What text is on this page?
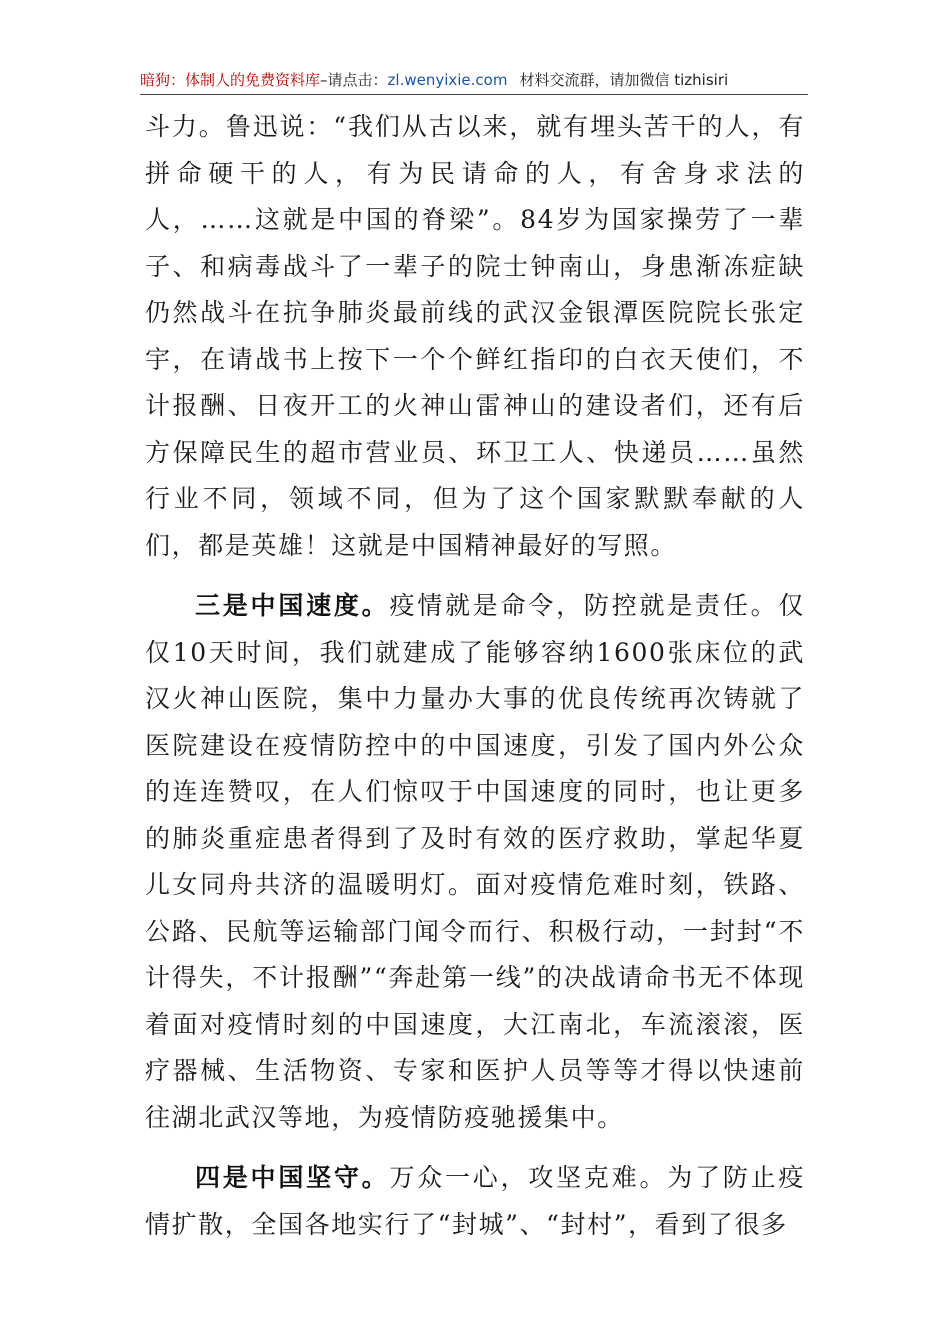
暗狗：体制人的免费资料库–请点击：zl.wenyixie.com 材料交流群，请加微信 tizhisiri

斗力。鲁迅说：“我们从古以来，就有埋头苦干的人，有拼命硬干的人，有为民请命的人，有舍身求法的人，……这就是中国的脊梁”。84岁为国家操劳了一辈子、和病毒战斗了一辈子的院士钟南山，身患渐冻症缺仍然战斗在抗争肺炎最前线的武汉金银潭医院院长张定宇，在请战书上按下一个个鲜红指印的白衣天使们，不计报酬、日夜开工的火神山雷神山的建设者们，还有后方保障民生的超市营业员、环卫工人、快递员……虽然行业不同，领域不同，但为了这个国家默默奉献的人们，都是英雄！这就是中国精神最好的写照。

三是中国速度。疫情就是命令，防控就是责任。仅仅10天时间，我们就建成了能够容纳1600张床位的武汉火神山医院，集中力量办大事的优良传统再次铸就了医院建设在疫情防控中的中国速度，引发了国内外公众的连连赞叹，在人们惊叹于中国速度的同时，也让更多的肺炎重症患者得到了及时有效的医疗救助，掌起华夏儿女同舟共济的温暖明灯。面对疫情危难时刻，铁路、公路、民航等运输部门闻令而行、积极行动，一封封“不计得失，不计报酬”“奔赴第一线”的决战请命书无不体现着面对疫情时刻的中国速度，大江南北，车流滚滚，医疗器械、生活物资、专家和医护人员等等才得以快速前往湖北武汉等地，为疫情防疫驰援集中。

四是中国坚守。万众一心，攻坚克难。为了防止疫情扩散，全国各地实行了“封城”、“封村”，看到了很多
